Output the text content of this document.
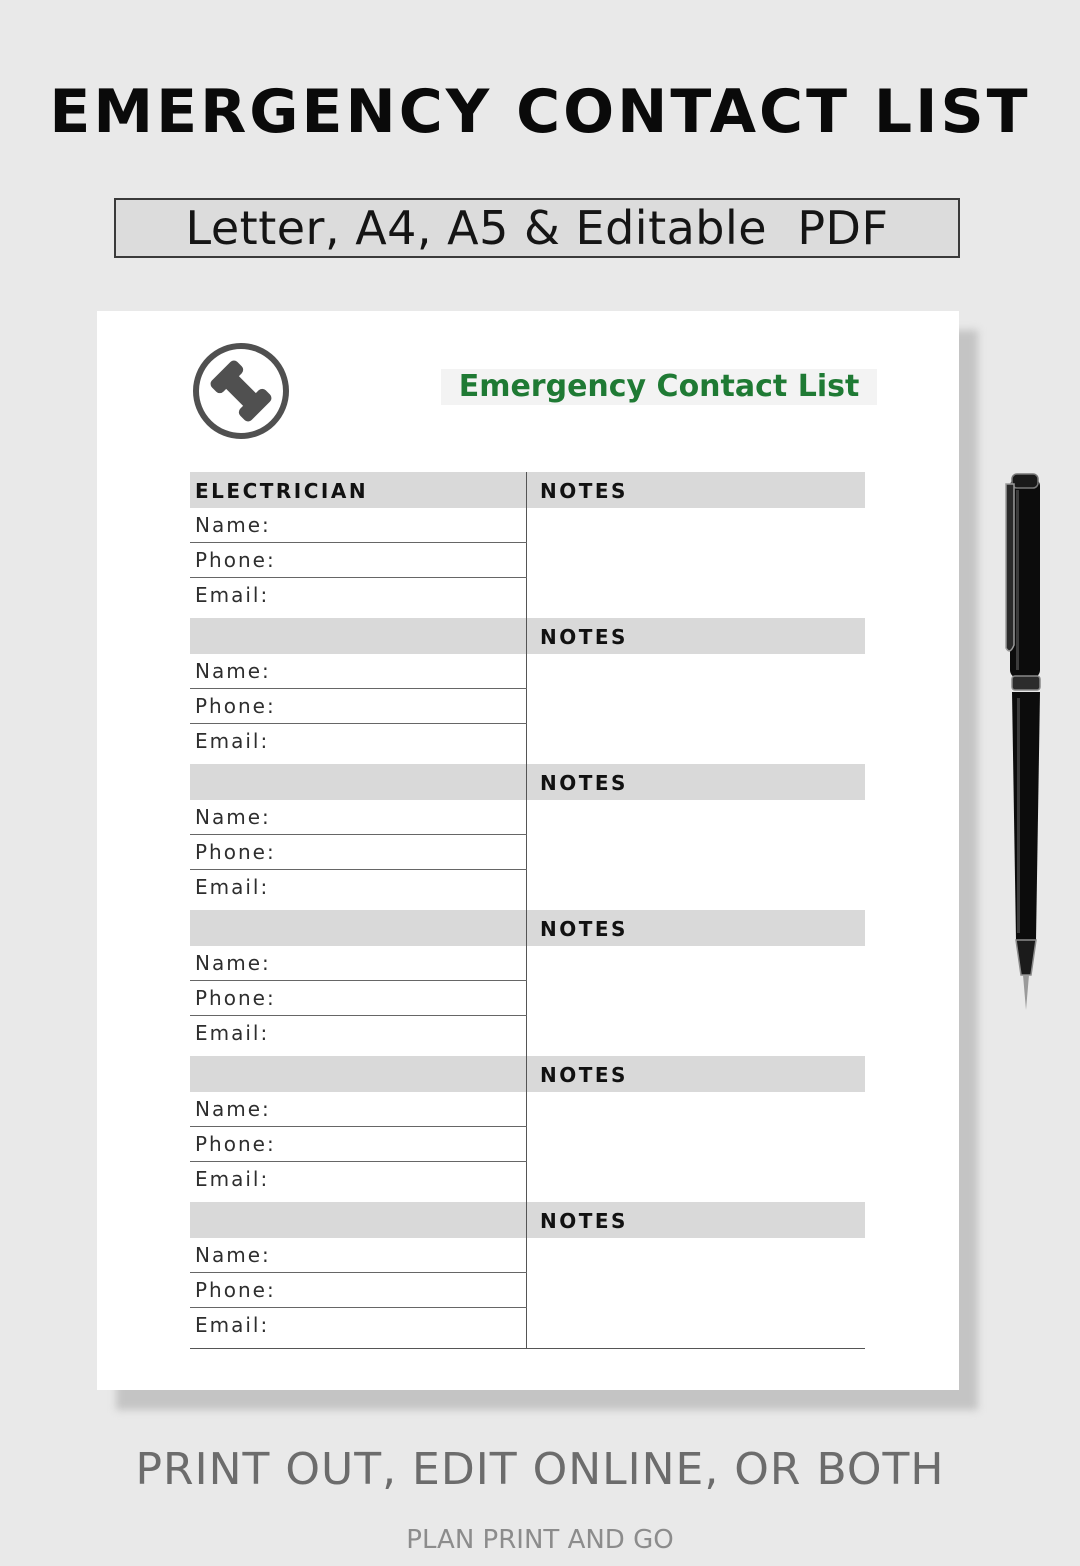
EMERGENCY CONTACT LIST
Letter, A4, A5 & Editable  PDF
Emergency Contact List
ELECTRICIAN	NOTES
Name:
Phone:
Email:
NOTES
Name:
Phone:
Email:
NOTES
Name:
Phone:
Email:
NOTES
Name:
Phone:
Email:
NOTES
Name:
Phone:
Email:
NOTES
Name:
Phone:
Email:
PRINT OUT, EDIT ONLINE, OR BOTH
PLAN PRINT AND GO
